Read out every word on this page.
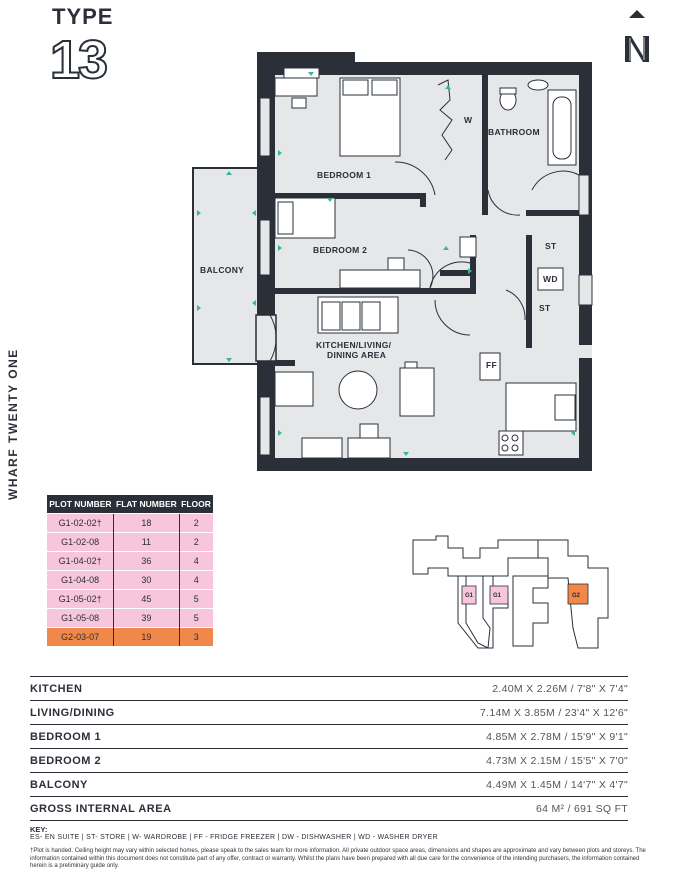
TYPE
13
WHARF TWENTY ONE
+
+
BEDROOM 1
BEDROOM 2
BATHROOM
BALCONY
KITCHEN/LIVING/
DINING AREA
W
ST
ST
WD
FF
PLOT NUMBER	FLAT NUMBER	FLOOR
G1-02-02†	18	2
G1-02-08	11	2
G1-04-02†	36	4
G1-04-08	30	4
G1-05-02†	45	5
G1-05-08	39	5
G2-03-07	19	3
G1	G1	G2
KITCHEN	2.40M X 2.26M / 7'8" X 7'4"
LIVING/DINING	7.14M X 3.85M / 23'4" X 12'6"
BEDROOM 1	4.85M X 2.78M / 15'9" X 9'1"
BEDROOM 2	4.73M X 2.15M / 15'5" X 7'0"
BALCONY	4.49M X 1.45M / 14'7" X 4'7"
GROSS INTERNAL AREA	64 M² / 691 SQ FT
KEY:
ES- EN SUITE | ST- STORE | W- WARDROBE | FF - FRIDGE FREEZER | DW - DISHWASHER | WD - WASHER DRYER
†Plot is handed. Ceiling height may vary within selected homes, please speak to the sales team for more information. All private outdoor space areas, dimensions and shapes are approximate and vary between plots and storeys. The information contained within this document does not constitute part of any offer, contract or warranty. Whilst the plans have been prepared with all due care for the convenience of the intending purchasers, the information contained herein is a preliminary guide only.
